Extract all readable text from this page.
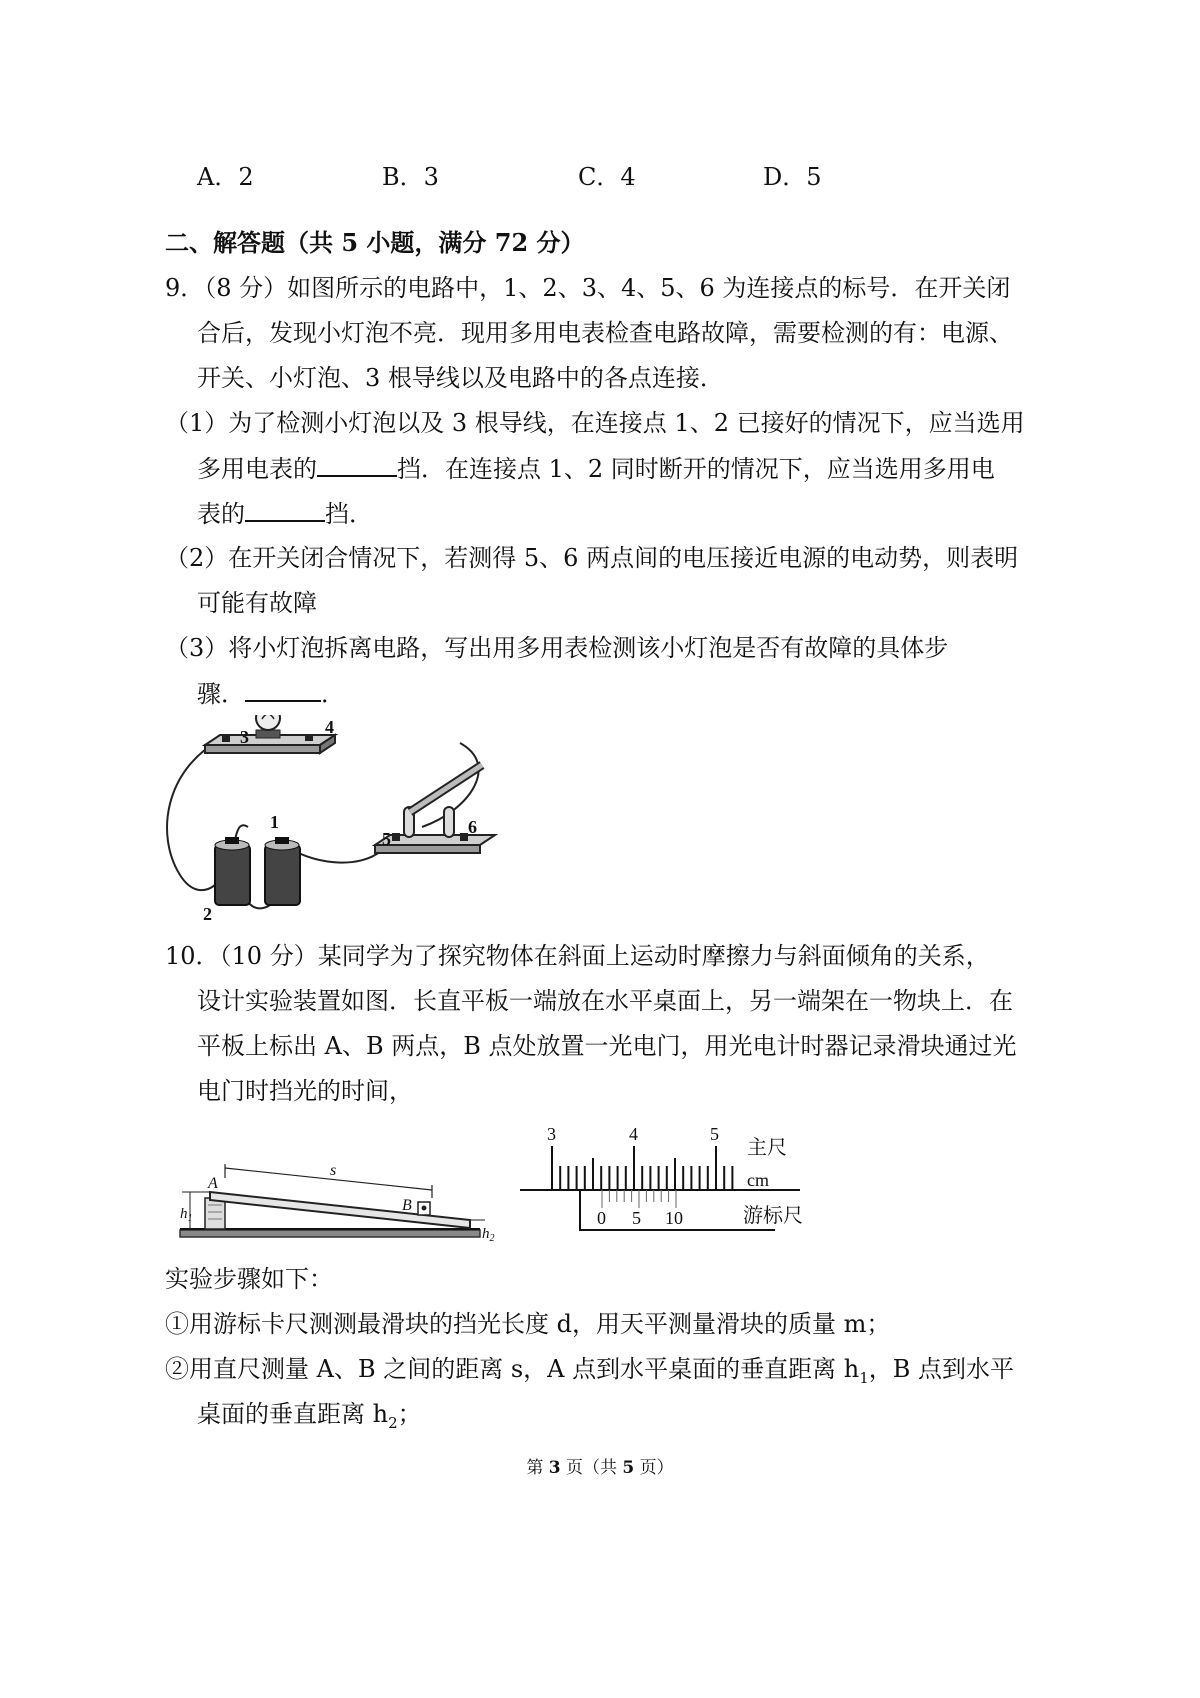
A．2	B．3	C．4	D．5
二、解答题（共 5 小题，满分 72 分）
9．（8 分）如图所示的电路中，1、2、3、4、5、6 为连接点的标号．在开关闭
合后，发现小灯泡不亮．现用多用电表检查电路故障，需要检测的有：电源、
开关、小灯泡、3 根导线以及电路中的各点连接．
（1）为了检测小灯泡以及 3 根导线，在连接点 1、2 已接好的情况下，应当选用
多用电表的	挡．在连接点 1、2 同时断开的情况下，应当选用多用电
表的	挡．
（2）在开关闭合情况下，若测得 5、6 两点间的电压接近电源的电动势，则表明
可能有故障
（3）将小灯泡拆离电路，写出用多用表检测该小灯泡是否有故障的具体步
骤．	．
1
2
3	4
5
6
10．（10 分）某同学为了探究物体在斜面上运动时摩擦力与斜面倾角的关系，
设计实验装置如图．长直平板一端放在水平桌面上，另一端架在一物块上．在
平板上标出 A、B 两点，B 点处放置一光电门，用光电计时器记录滑块通过光
电门时挡光的时间，
A
B
s
$h_1$
$h_2$
3	4	5
主尺
cm
0 5 10	游标尺
实验步骤如下：
①用游标卡尺测测最滑块的挡光长度 d，用天平测量滑块的质量 m；
②用直尺测量 A、B 之间的距离 s，A 点到水平桌面的垂直距离 $h_1$，B 点到水平
桌面的垂直距离 $h_2$；
第 3 页（共 5 页）
